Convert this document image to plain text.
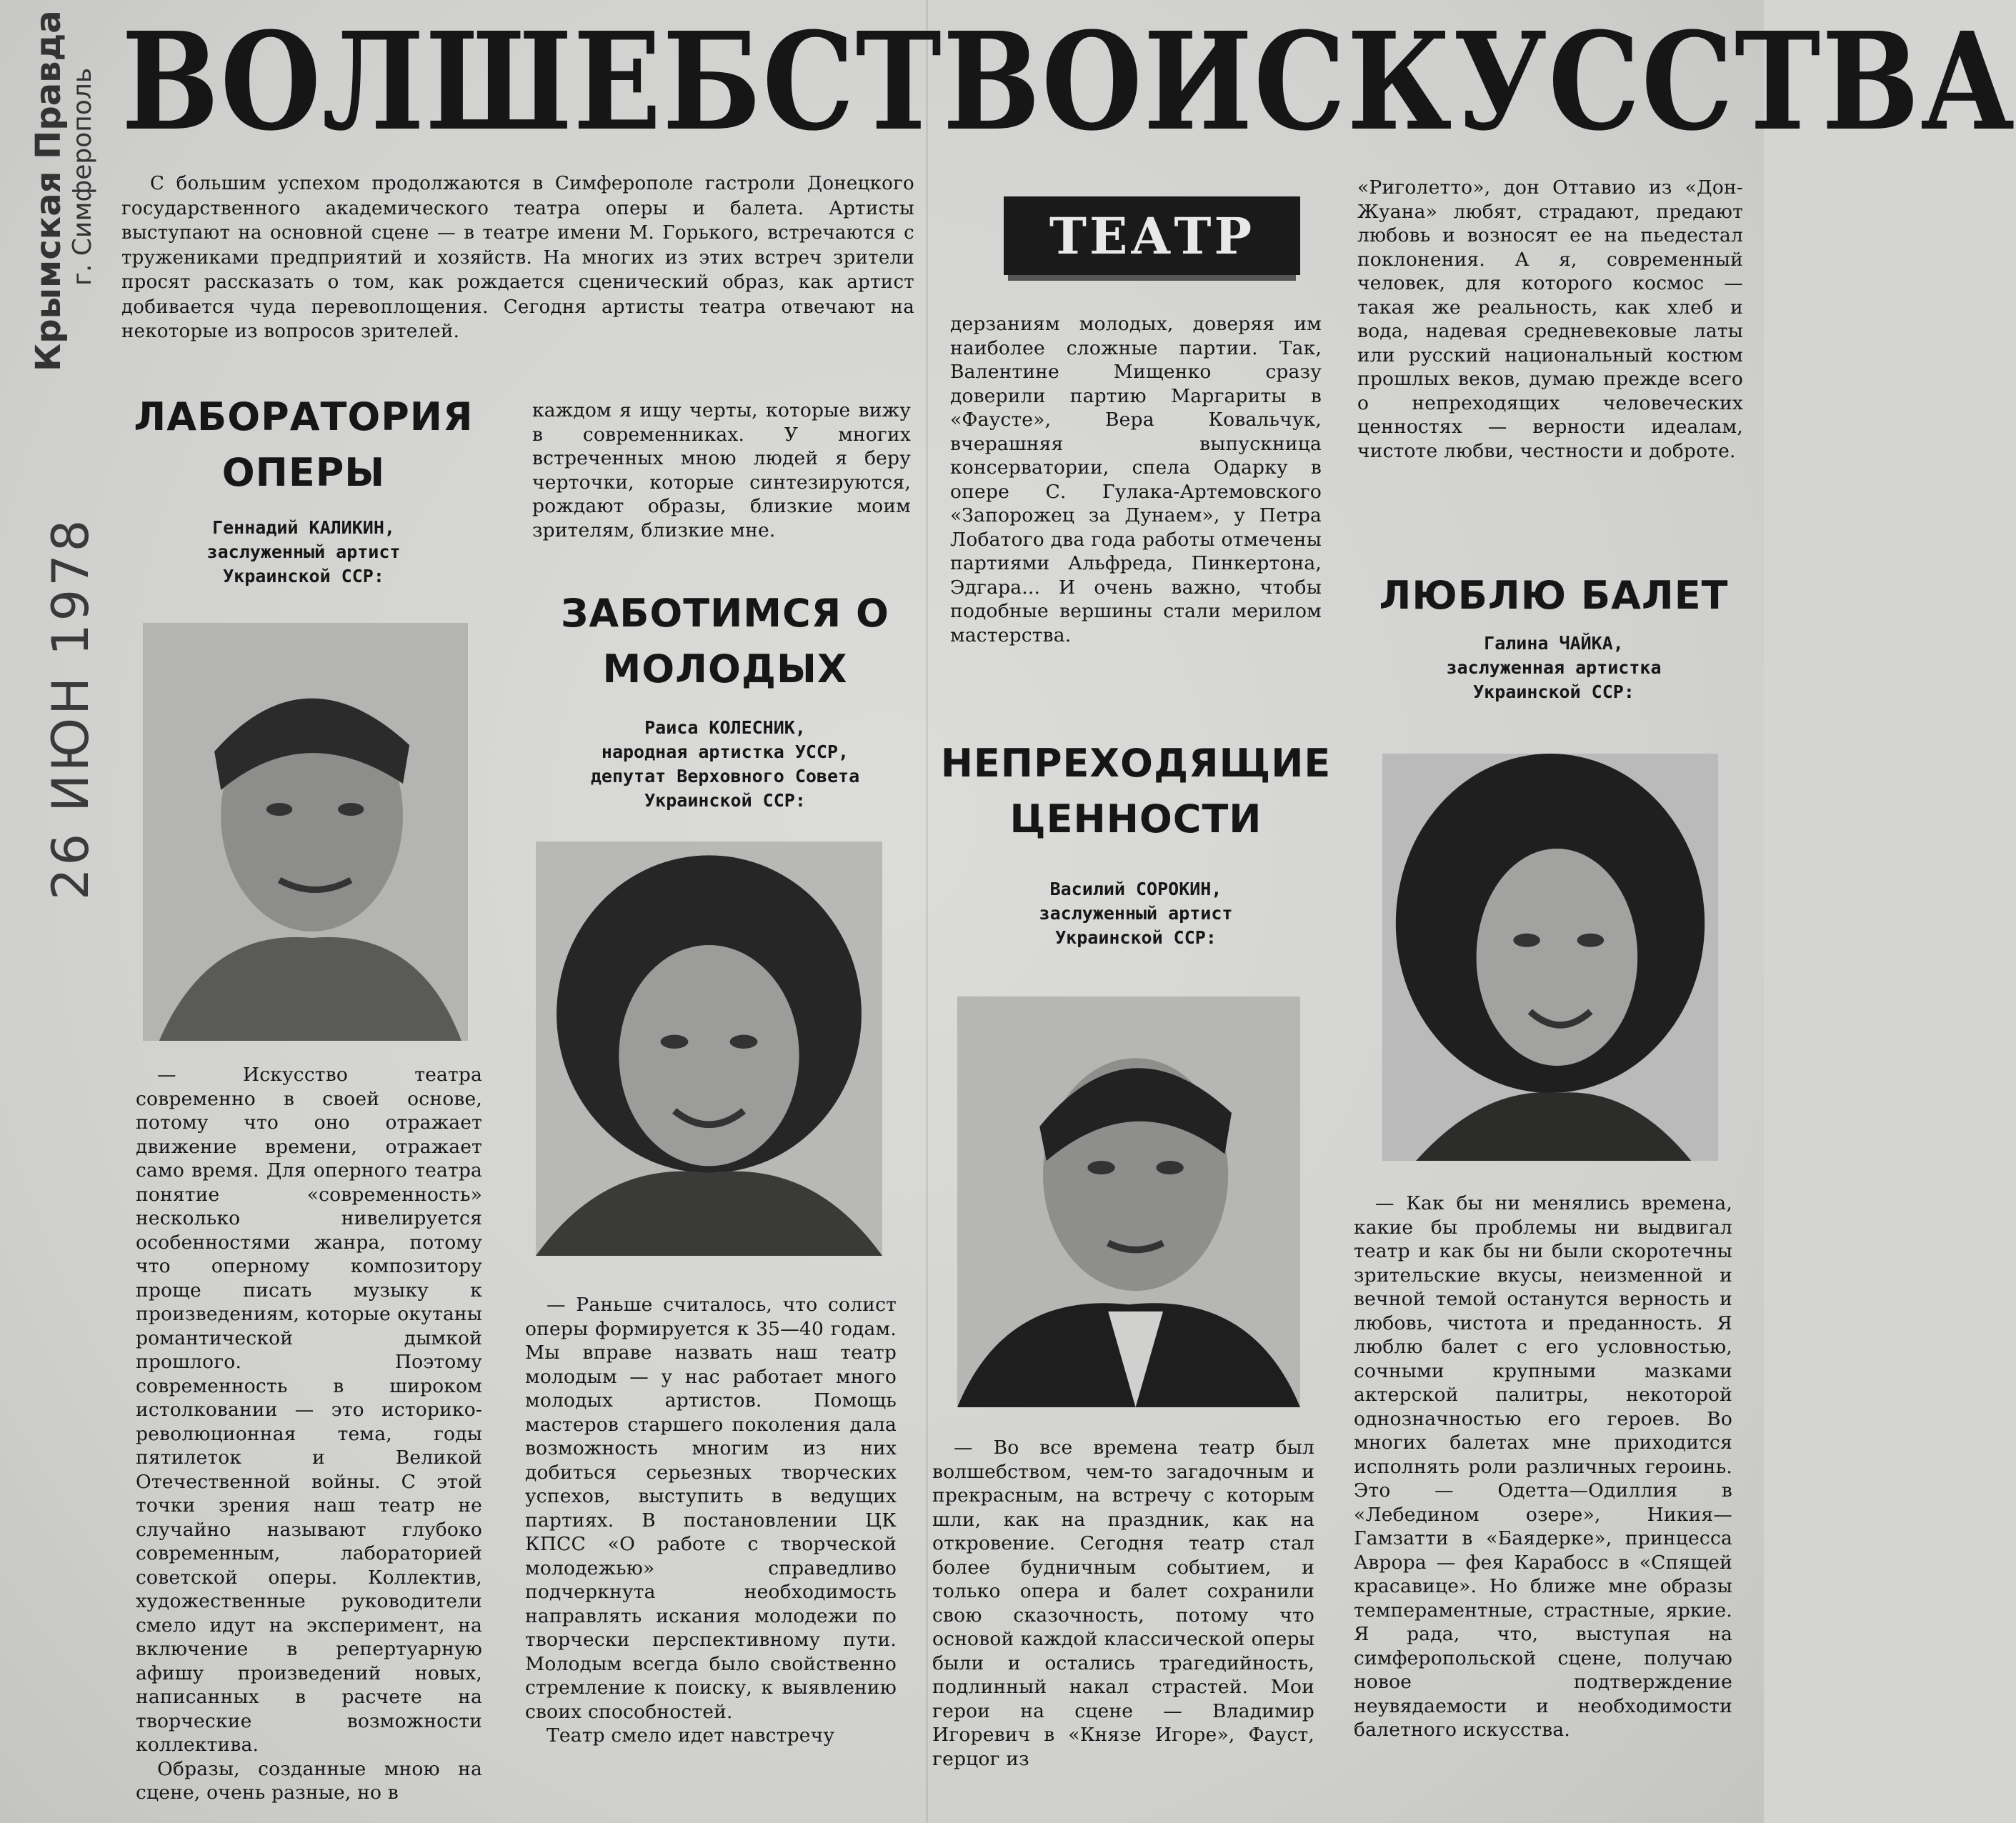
ВОЛШЕБСТВО ИСКУССТВА

С большим успехом продолжаются в Симферополе гастроли Донецкого государственного академического театра оперы и балета. Артисты выступают на основной сцене — в театре имени М. Горького, встречаются с тружениками предприятий и хозяйств. На многих из этих встреч зрители просят рассказать о том, как рождается сценический образ, как артист добивается чуда перевоплощения. Сегодня артисты театра отвечают на некоторые из вопросов зрителей.

Крымская Правда г. Симферополь
26 ИЮН 1978
ТЕАТР
ЛАБОРАТОРИЯ ОПЕРЫ
Геннадий КАЛИКИН,
заслуженный артист
Украинской ССР:

— Искусство театра современно в своей основе, потому что оно отражает движение времени, отражает само время. Для оперного театра понятие «современность» несколько нивелируется особенностями жанра, потому что оперному композитору проще писать музыку к произведениям, которые окутаны романтической дымкой прошлого. Поэтому современность в широком истолковании — это историко-революционная тема, годы пятилеток и Великой Отечественной войны. С этой точки зрения наш театр не случайно называют глубоко современным, лабораторией советской оперы. Коллектив, художественные руководители смело идут на эксперимент, на включение в репертуарную афишу произведений новых, написанных в расчете на творческие возможности коллектива.

Образы, созданные мною на сцене, очень разные, но в

каждом я ищу черты, которые вижу в современниках. У многих встреченных мною людей я беру черточки, которые синтезируются, рождают образы, близкие моим зрителям, близкие мне.

ЗАБОТИМСЯ О МОЛОДЫХ
Раиса КОЛЕСНИК,
народная артистка УССР,
депутат Верховного Совета
Украинской ССР:

— Раньше считалось, что солист оперы формируется к 35—40 годам. Мы вправе назвать наш театр молодым — у нас работает много молодых артистов. Помощь мастеров старшего поколения дала возможность многим из них добиться серьезных творческих успехов, выступить в ведущих партиях. В постановлении ЦК КПСС «О работе с творческой молодежью» справедливо подчеркнута необходимость направлять искания молодежи по творчески перспективному пути. Молодым всегда было свойственно стремление к поиску, к выявлению своих способностей.

Театр смело идет навстречу

дерзаниям молодых, доверяя им наиболее сложные партии. Так, Валентине Мищенко сразу доверили партию Маргариты в «Фаусте», Вера Ковальчук, вчерашняя выпускница консерватории, спела Одарку в опере С. Гулака-Артемовского «Запорожец за Дунаем», у Петра Лобатого два года работы отмечены партиями Альфреда, Пинкертона, Эдгара... И очень важно, чтобы подобные вершины стали мерилом мастерства.

НЕПРЕХОДЯЩИЕ ЦЕННОСТИ
Василий СОРОКИН,
заслуженный артист
Украинской ССР:

— Во все времена театр был волшебством, чем-то загадочным и прекрасным, на встречу с которым шли, как на праздник, как на откровение. Сегодня театр стал более будничным событием, и только опера и балет сохранили свою сказочность, потому что основой каждой классической оперы были и остались трагедийность, подлинный накал страстей. Мои герои на сцене — Владимир Игоревич в «Князе Игоре», Фауст, герцог из

«Риголетто», дон Оттавио из «Дон-Жуана» любят, страдают, предают любовь и возносят ее на пьедестал поклонения. А я, современный человек, для которого космос — такая же реальность, как хлеб и вода, надевая средневековые латы или русский национальный костюм прошлых веков, думаю прежде всего о непреходящих человеческих ценностях — верности идеалам, чистоте любви, честности и доброте.

ЛЮБЛЮ БАЛЕТ
Галина ЧАЙКА,
заслуженная артистка
Украинской ССР:

— Как бы ни менялись времена, какие бы проблемы ни выдвигал театр и как бы ни были скоротечны зрительские вкусы, неизменной и вечной темой останутся верность и любовь, чистота и преданность. Я люблю балет с его условностью, сочными крупными мазками актерской палитры, некоторой однозначностью его героев. Во многих балетах мне приходится исполнять роли различных героинь. Это — Одетта—Одиллия в «Лебедином озере», Никия—Гамзатти в «Баядерке», принцесса Аврора — фея Карабосс в «Спящей красавице». Но ближе мне образы темпераментные, страстные, яркие. Я рада, что, выступая на симферопольской сцене, получаю новое подтверждение неувядаемости и необходимости балетного искусства.
